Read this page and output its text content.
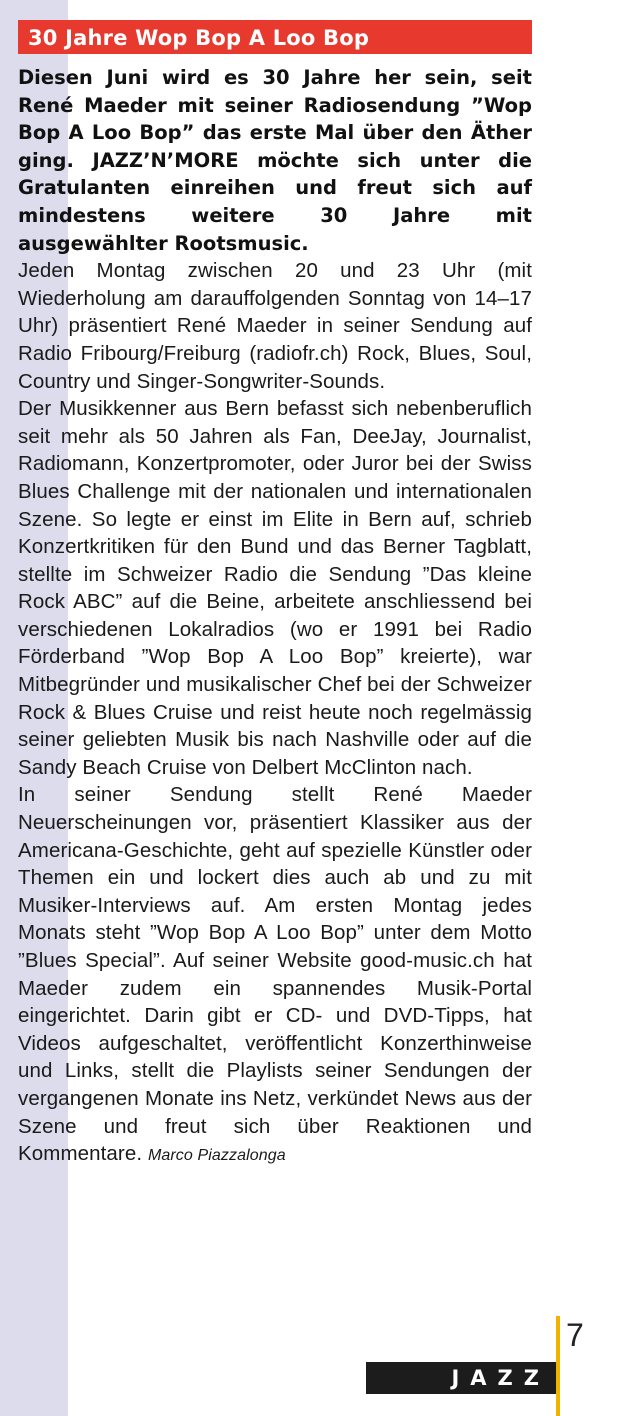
30 Jahre Wop Bop A Loo Bop

Diesen Juni wird es 30 Jahre her sein, seit René Maeder mit seiner Radiosendung ”Wop Bop A Loo Bop” das erste Mal über den Äther ging. JAZZ’N’MORE möchte sich unter die Gratulanten einreihen und freut sich auf mindestens weitere 30 Jahre mit ausgewählter Rootsmusic.

Jeden Montag zwischen 20 und 23 Uhr (mit Wiederholung am darauffolgenden Sonntag von 14–17 Uhr) präsentiert René Maeder in seiner Sendung auf Radio Fribourg/Freiburg (radiofr.ch) Rock, Blues, Soul, Country und Singer-Songwriter-Sounds.

Der Musikkenner aus Bern befasst sich nebenberuflich seit mehr als 50 Jahren als Fan, DeeJay, Journalist, Radiomann, Konzertpromoter, oder Juror bei der Swiss Blues Challenge mit der nationalen und internationalen Szene. So legte er einst im Elite in Bern auf, schrieb Konzertkritiken für den Bund und das Berner Tagblatt, stellte im Schweizer Radio die Sendung ”Das kleine Rock ABC” auf die Beine, arbeitete anschliessend bei verschiedenen Lokalradios (wo er 1991 bei Radio Förderband ”Wop Bop A Loo Bop” kreierte), war Mitbegründer und musikalischer Chef bei der Schweizer Rock & Blues Cruise und reist heute noch regelmässig seiner geliebten Musik bis nach Nashville oder auf die Sandy Beach Cruise von Delbert McClinton nach.

In seiner Sendung stellt René Maeder Neuerscheinungen vor, präsentiert Klassiker aus der Americana-Geschichte, geht auf spezielle Künstler oder Themen ein und lockert dies auch ab und zu mit Musiker-Interviews auf. Am ersten Montag jedes Monats steht ”Wop Bop A Loo Bop” unter dem Motto ”Blues Special”. Auf seiner Website good-music.ch hat Maeder zudem ein spannendes Musik-Portal eingerichtet. Darin gibt er CD- und DVD-Tipps, hat Videos aufgeschaltet, veröffentlicht Konzerthinweise und Links, stellt die Playlists seiner Sendungen der vergangenen Monate ins Netz, verkündet News aus der Szene und freut sich über Reaktionen und Kommentare. Marco Piazzalonga

7
JAZZ
